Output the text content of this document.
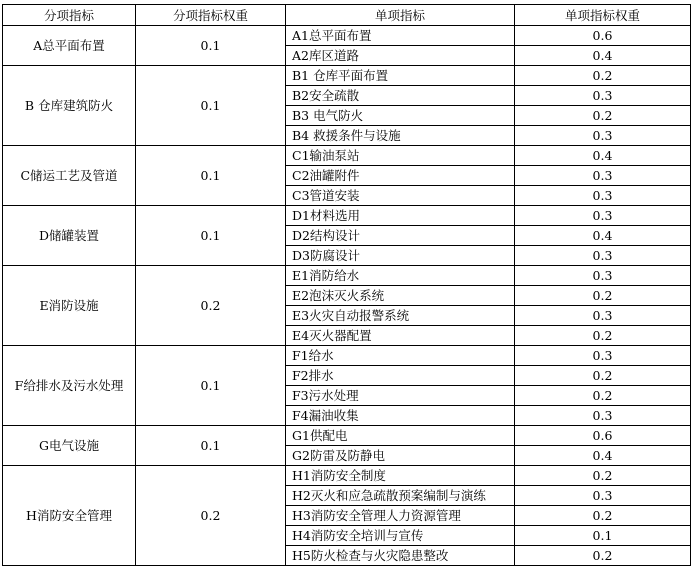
分项指标	分项指标权重	单项指标	单项指标权重
A总平面布置	0.1	A1总平面布置	0.6
		A2库区道路	0.4
B 仓库建筑防火	0.1	B1 仓库平面布置	0.2
		B2安全疏散	0.3
		B3 电气防火	0.2
		B4 救援条件与设施	0.3
C储运工艺及管道	0.1	C1输油泵站	0.4
		C2油罐附件	0.3
		C3管道安装	0.3
D储罐装置	0.1	D1材料选用	0.3
		D2结构设计	0.4
		D3防腐设计	0.3
E消防设施	0.2	E1消防给水	0.3
		E2泡沫灭火系统	0.2
		E3火灾自动报警系统	0.3
		E4灭火器配置	0.2
F给排水及污水处理	0.1	F1给水	0.3
		F2排水	0.2
		F3污水处理	0.2
		F4漏油收集	0.3
G电气设施	0.1	G1供配电	0.6
		G2防雷及防静电	0.4
H消防安全管理	0.2	H1消防安全制度	0.2
		H2灭火和应急疏散预案编制与演练	0.3
		H3消防安全管理人力资源管理	0.2
		H4消防安全培训与宣传	0.1
		H5防火检查与火灾隐患整改	0.2
